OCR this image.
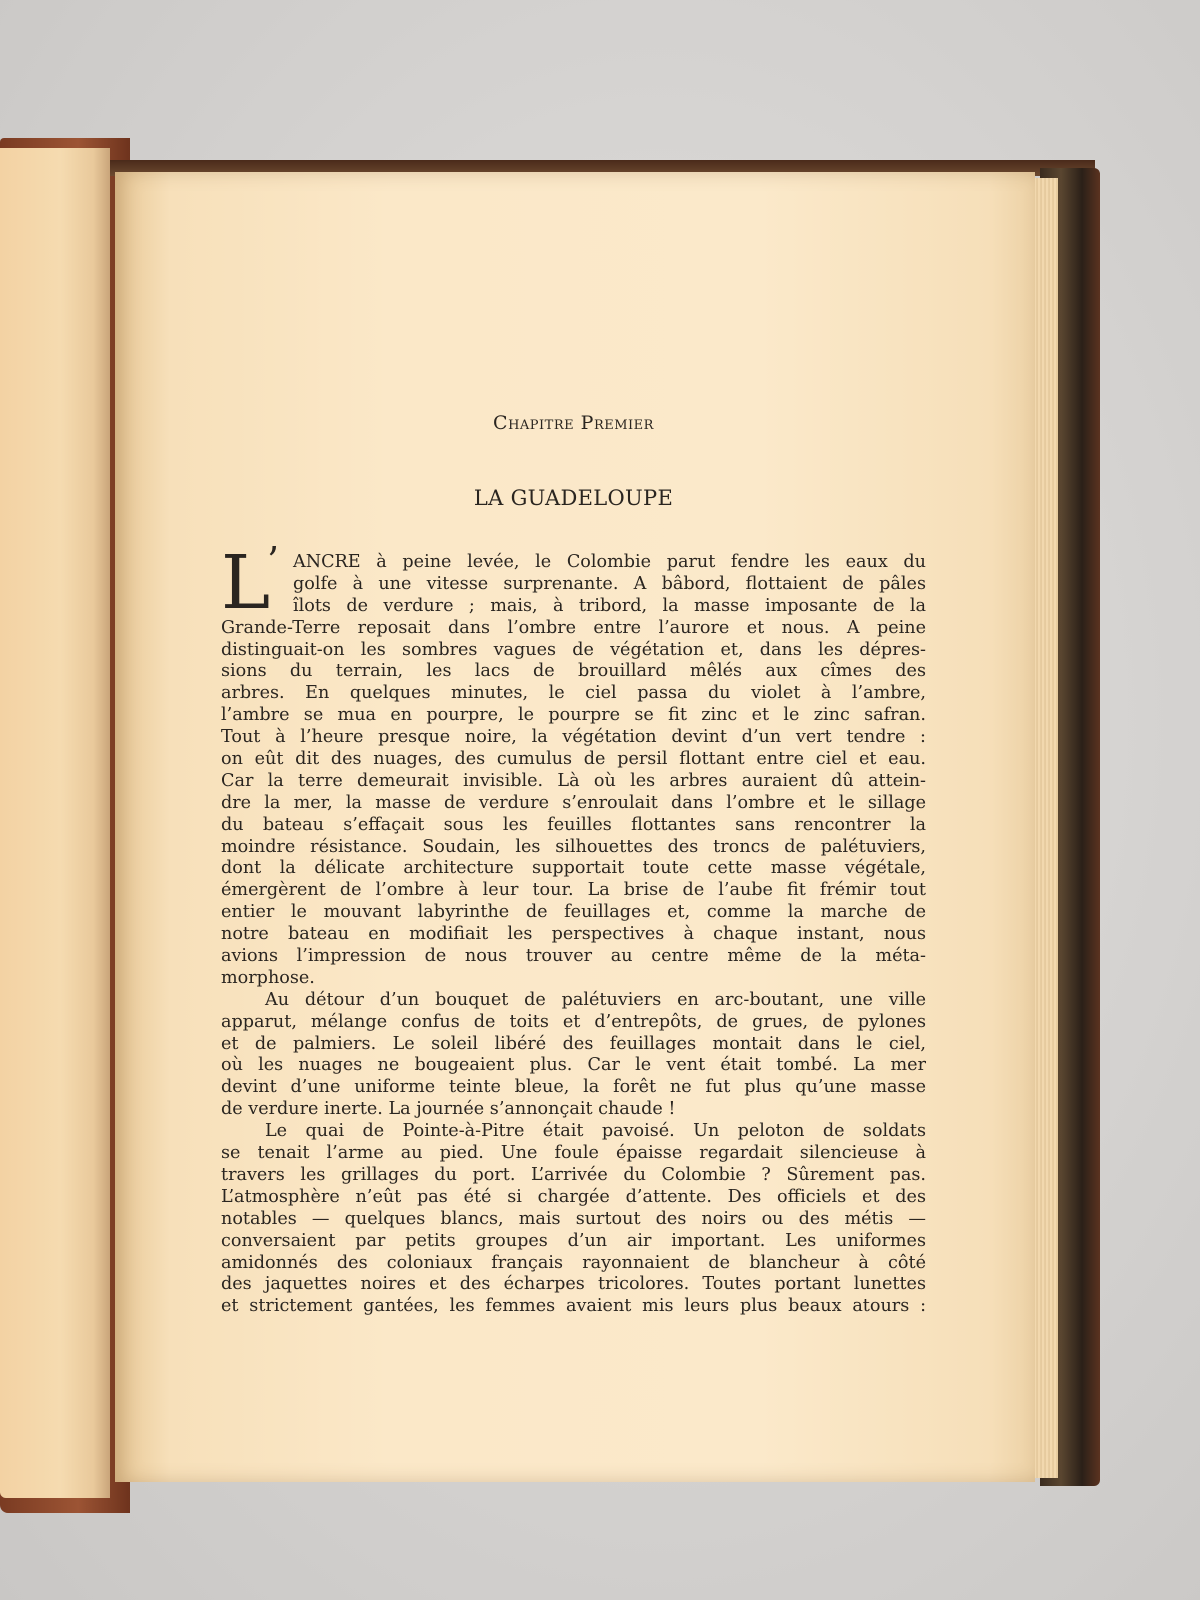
Chapitre Premier
LA GUADELOUPE
L
’ ANCRE à peine levée, le Colombie parut fendre les eaux du
golfe à une vitesse surprenante. A bâbord, flottaient de pâles
îlots de verdure ; mais, à tribord, la masse imposante de la
Grande-Terre reposait dans l’ombre entre l’aurore et nous. A peine
distinguait-on les sombres vagues de végétation et, dans les dépres-
sions du terrain, les lacs de brouillard mêlés aux cîmes des
arbres. En quelques minutes, le ciel passa du violet à l’ambre,
l’ambre se mua en pourpre, le pourpre se fit zinc et le zinc safran.
Tout à l’heure presque noire, la végétation devint d’un vert tendre :
on eût dit des nuages, des cumulus de persil flottant entre ciel et eau.
Car la terre demeurait invisible. Là où les arbres auraient dû attein-
dre la mer, la masse de verdure s’enroulait dans l’ombre et le sillage
du bateau s’effaçait sous les feuilles flottantes sans rencontrer la
moindre résistance. Soudain, les silhouettes des troncs de palétuviers,
dont la délicate architecture supportait toute cette masse végétale,
émergèrent de l’ombre à leur tour. La brise de l’aube fit frémir tout
entier le mouvant labyrinthe de feuillages et, comme la marche de
notre bateau en modifiait les perspectives à chaque instant, nous
avions l’impression de nous trouver au centre même de la méta-
morphose.
Au détour d’un bouquet de palétuviers en arc-boutant, une ville
apparut, mélange confus de toits et d’entrepôts, de grues, de pylones
et de palmiers. Le soleil libéré des feuillages montait dans le ciel,
où les nuages ne bougeaient plus. Car le vent était tombé. La mer
devint d’une uniforme teinte bleue, la forêt ne fut plus qu’une masse
de verdure inerte. La journée s’annonçait chaude !
Le quai de Pointe-à-Pitre était pavoisé. Un peloton de soldats
se tenait l’arme au pied. Une foule épaisse regardait silencieuse à
travers les grillages du port. L’arrivée du Colombie ? Sûrement pas.
L’atmosphère n’eût pas été si chargée d’attente. Des officiels et des
notables — quelques blancs, mais surtout des noirs ou des métis —
conversaient par petits groupes d’un air important. Les uniformes
amidonnés des coloniaux français rayonnaient de blancheur à côté
des jaquettes noires et des écharpes tricolores. Toutes portant lunettes
et strictement gantées, les femmes avaient mis leurs plus beaux atours :
